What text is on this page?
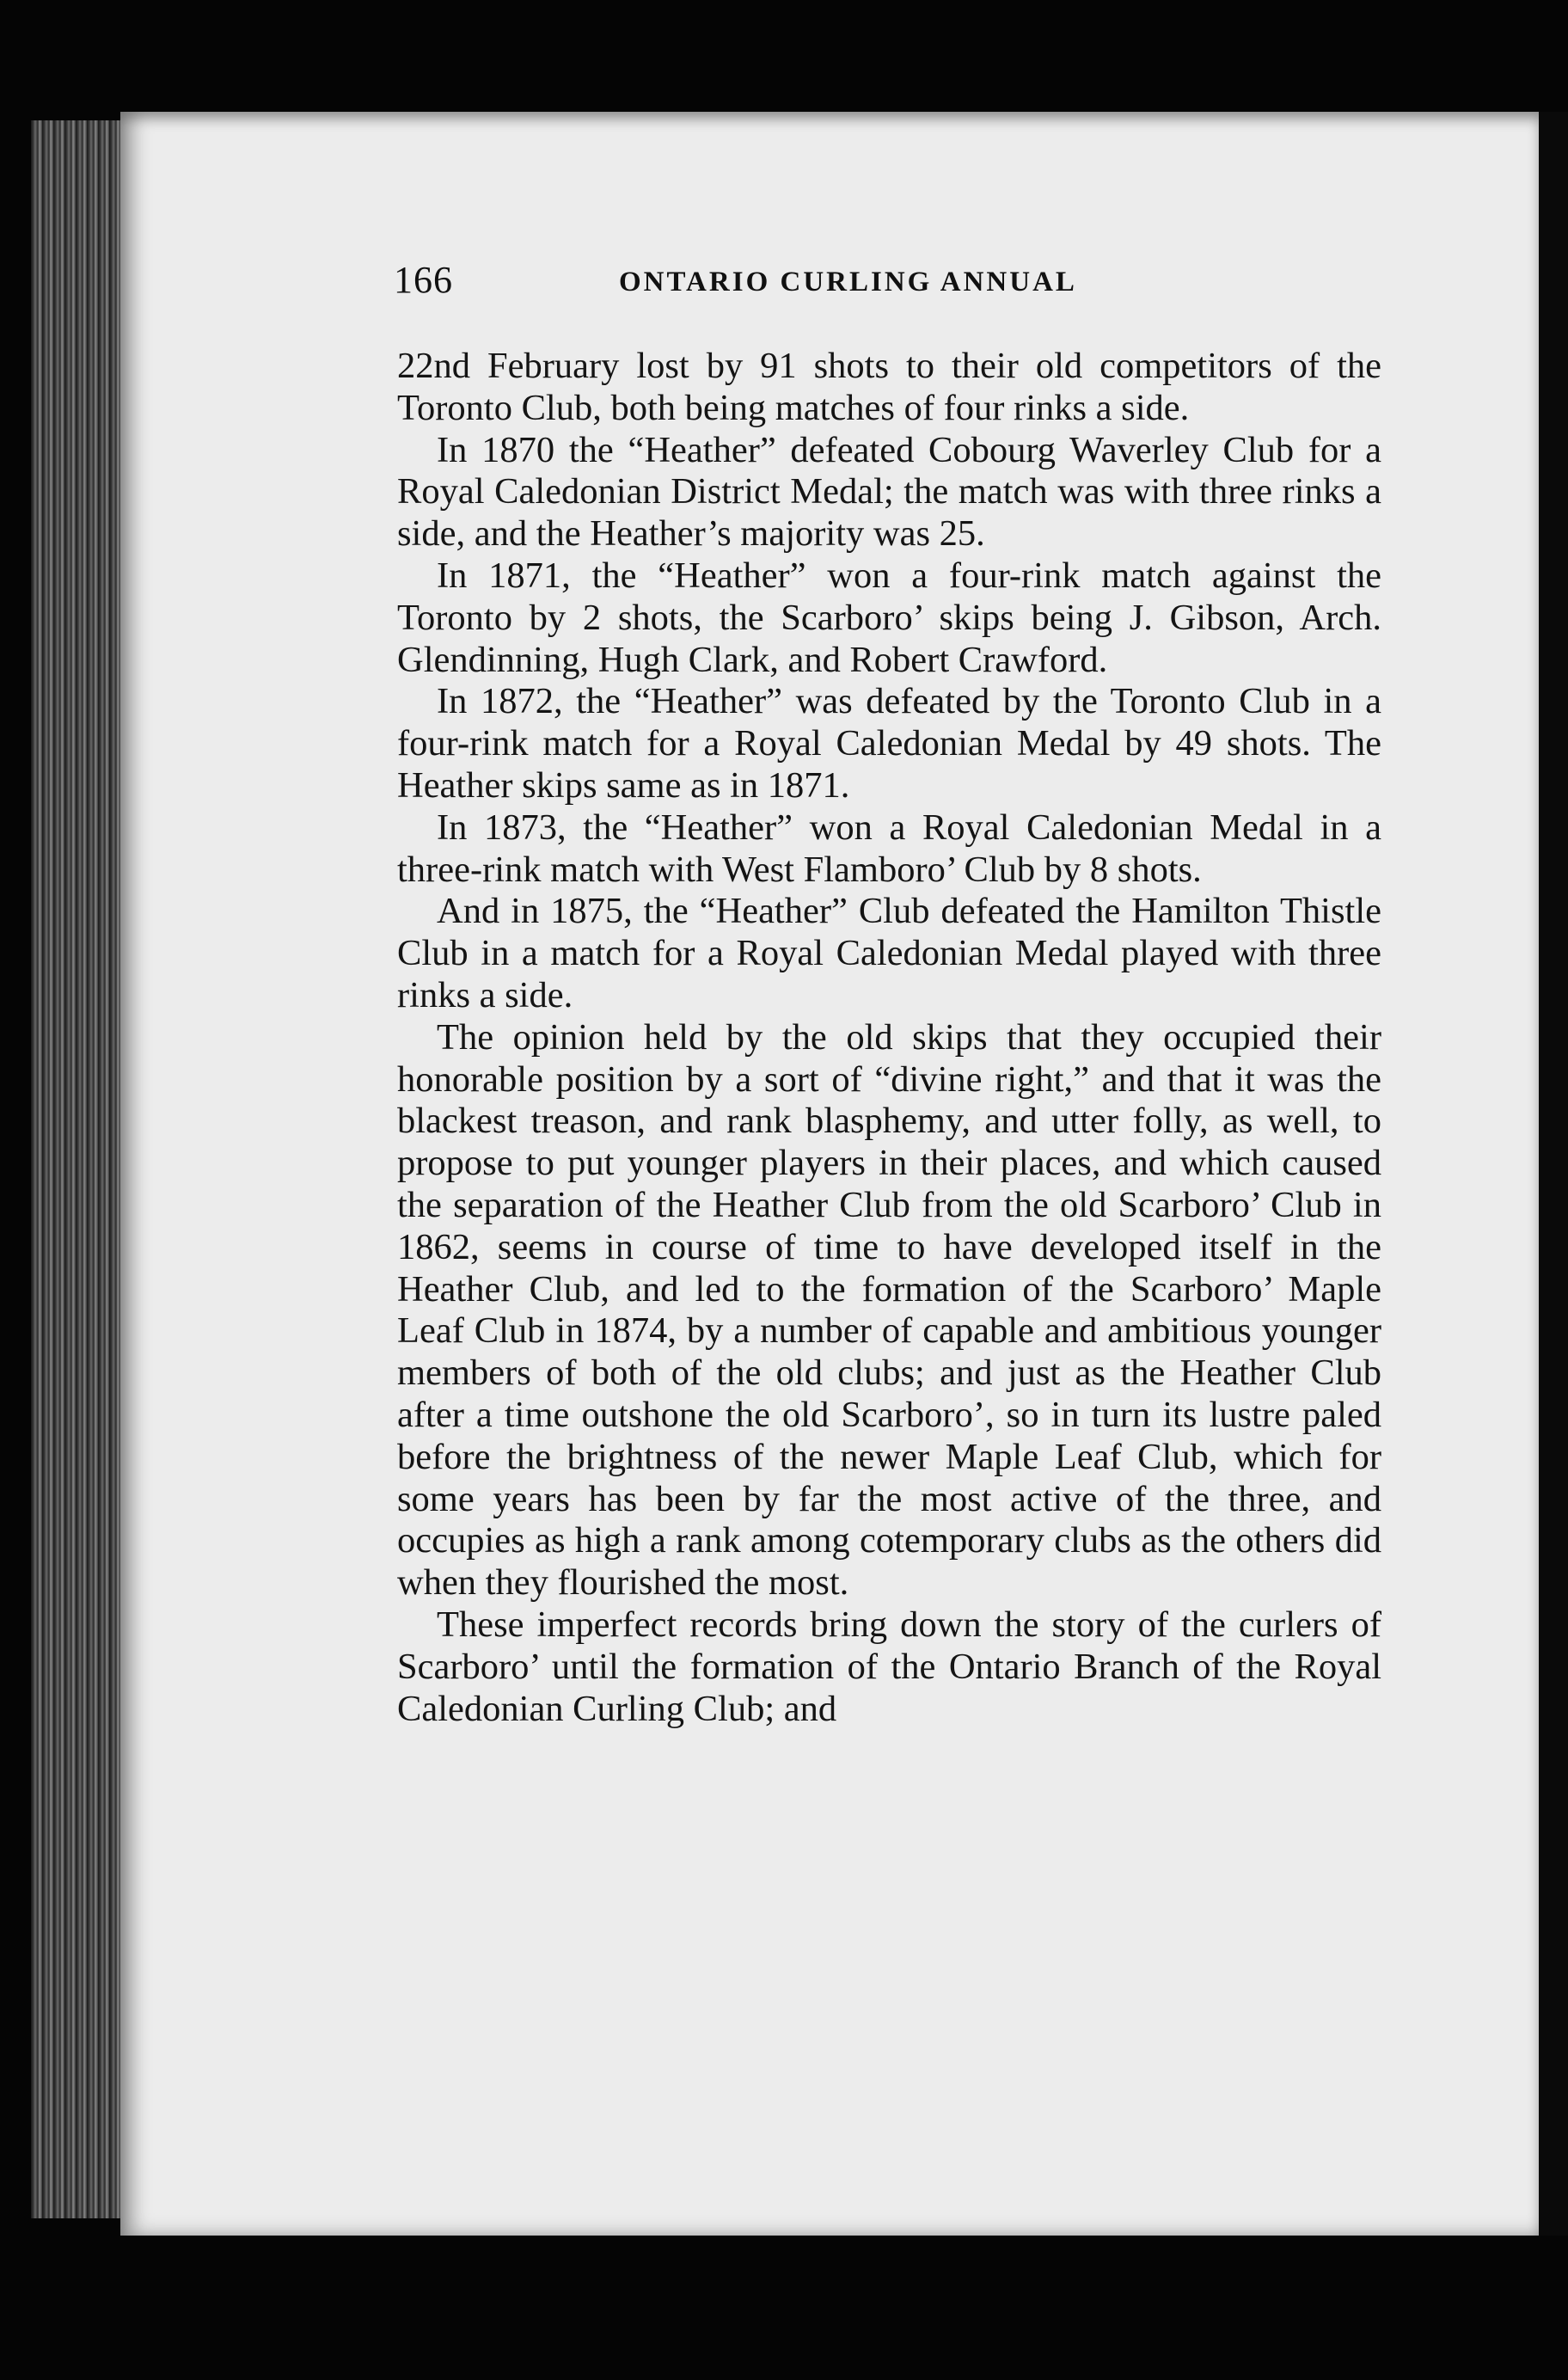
166	ONTARIO CURLING ANNUAL

22nd February lost by 91 shots to their old competitors of the Toronto Club, both being matches of four rinks a side.

In 1870 the “Heather” defeated Cobourg Waverley Club for a Royal Caledonian District Medal; the match was with three rinks a side, and the Heather’s majority was 25.

In 1871, the “Heather” won a four-rink match against the Toronto by 2 shots, the Scarboro’ skips being J. Gibson, Arch. Glendinning, Hugh Clark, and Robert Crawford.

In 1872, the “Heather” was defeated by the Toronto Club in a four-rink match for a Royal Caledonian Medal by 49 shots. The Heather skips same as in 1871.

In 1873, the “Heather” won a Royal Caledonian Medal in a three-rink match with West Flamboro’ Club by 8 shots.

And in 1875, the “Heather” Club defeated the Hamilton Thistle Club in a match for a Royal Caledonian Medal played with three rinks a side.

The opinion held by the old skips that they occupied their honorable position by a sort of “divine right,” and that it was the blackest treason, and rank blasphemy, and utter folly, as well, to propose to put younger players in their places, and which caused the separation of the Heather Club from the old Scarboro’ Club in 1862, seems in course of time to have developed itself in the Heather Club, and led to the formation of the Scarboro’ Maple Leaf Club in 1874, by a number of capable and ambitious younger members of both of the old clubs; and just as the Heather Club after a time outshone the old Scarboro’, so in turn its lustre paled before the brightness of the newer Maple Leaf Club, which for some years has been by far the most active of the three, and occupies as high a rank among cotemporary clubs as the others did when they flourished the most.

These imperfect records bring down the story of the curlers of Scarboro’ until the formation of the Ontario Branch of the Royal Caledonian Curling Club; and
